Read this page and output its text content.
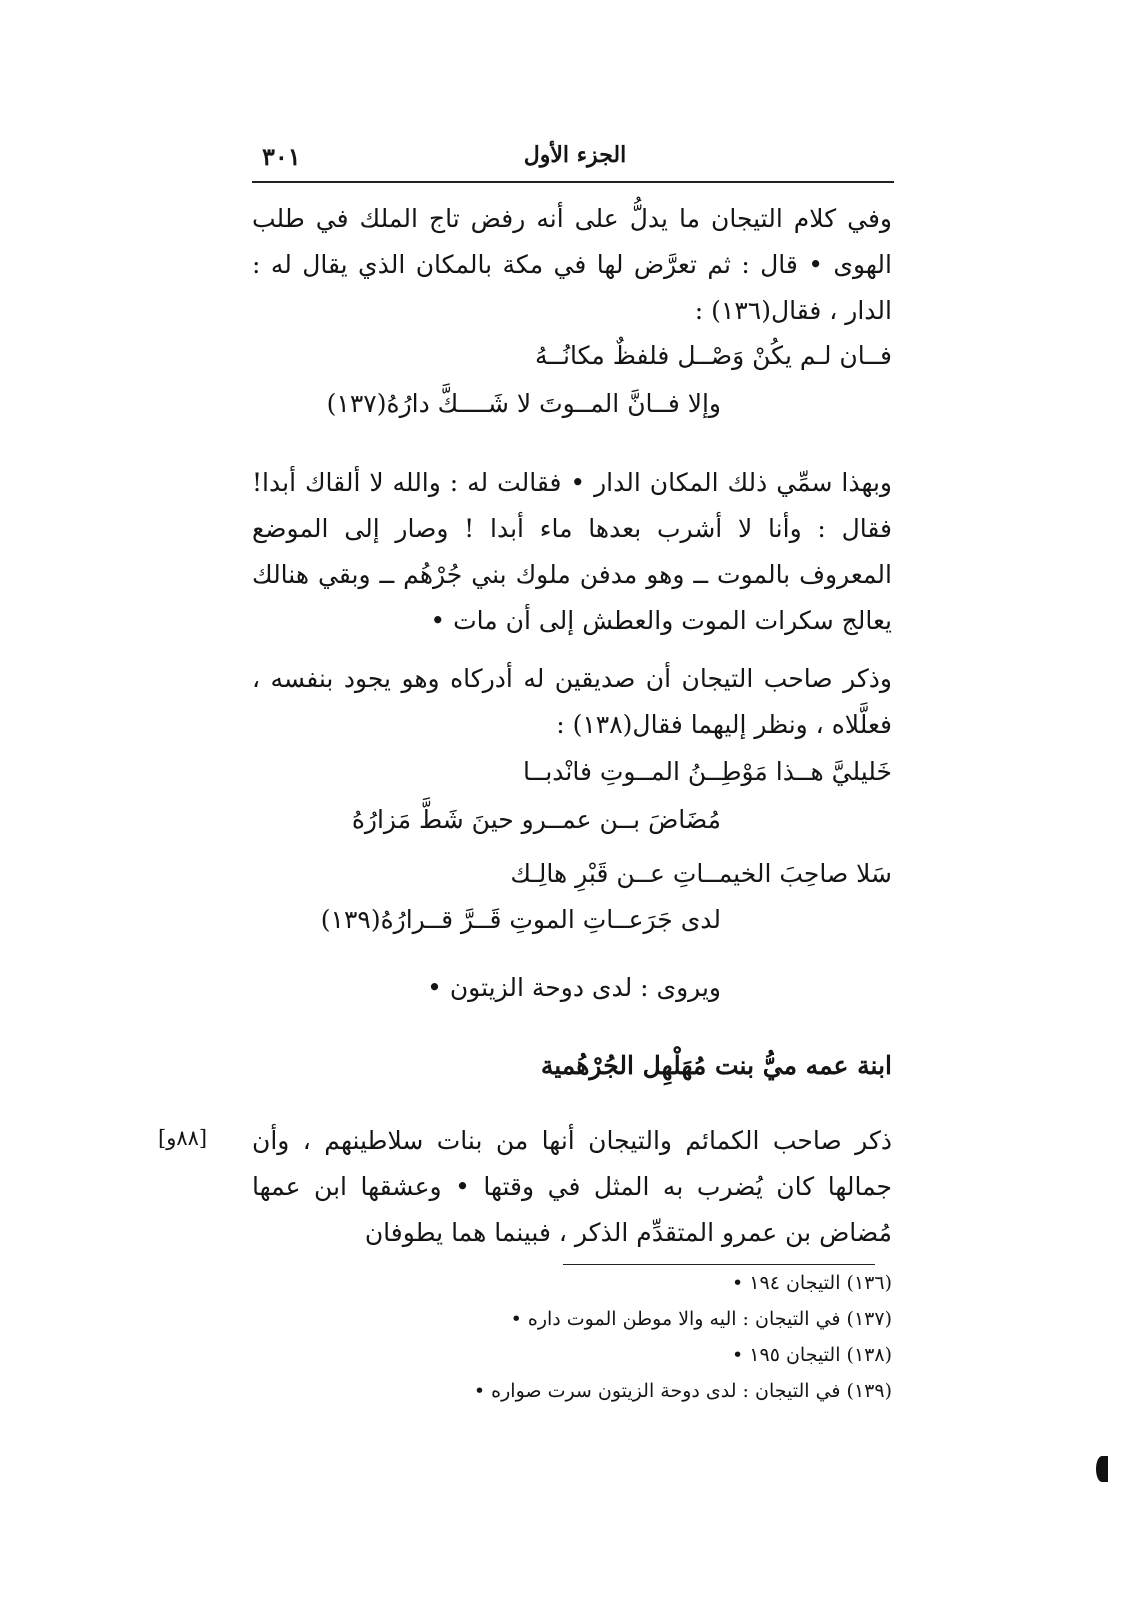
الجزء الأول
٣٠١
وفي كلام التيجان ما يدلُّ على أنه رفض تاج الملك في طلب الهوى • قال : ثم تعرَّض لها في مكة بالمكان الذي يقال له : الدار ، فقال(١٣٦) :
فــان لـم يكُنْ وَصْــل فلفظٌ مكانُــهُ
وإلا فــانَّ المــوتَ لا شَــــكَّ دارُهُ(١٣٧)
وبهذا سمِّي ذلك المكان الدار • فقالت له : والله لا ألقاك أبدا! فقال : وأنا لا أشرب بعدها ماء أبدا ! وصار إلى الموضع المعروف بالموت ــ وهو مدفن ملوك بني جُرْهُم ــ وبقي هنالك يعالج سكرات الموت والعطش إلى أن مات •
وذكر صاحب التيجان أن صديقين له أدركاه وهو يجود بنفسه ، فعلَّلاه ، ونظر إليهما فقال(١٣٨) :
خَليليَّ هــذا مَوْطِــنُ المــوتِ فانْدبــا
مُضَاضَ بــن عمــرو حينَ شَطَّ مَزارُهُ
سَلا صاحِبَ الخيمــاتِ عــن قَبْرِ هالِـك
لدى جَرَعــاتِ الموتِ قَــرَّ قــرارُهُ(١٣٩)
ويروى : لدى دوحة الزيتون •
ابنة عمه ميُّ بنت مُهَلْهِل الجُرْهُمية
[٨٨و] ذكر صاحب الكمائم والتيجان أنها من بنات سلاطينهم ، وأن جمالها كان يُضرب به المثل في وقتها • وعشقها ابن عمها مُضاض بن عمرو المتقدِّم الذكر ، فبينما هما يطوفان
(١٣٦) التيجان ١٩٤ •
(١٣٧) في التيجان : اليه والا موطن الموت داره •
(١٣٨) التيجان ١٩٥ •
(١٣٩) في التيجان : لدى دوحة الزيتون سرت صواره •
